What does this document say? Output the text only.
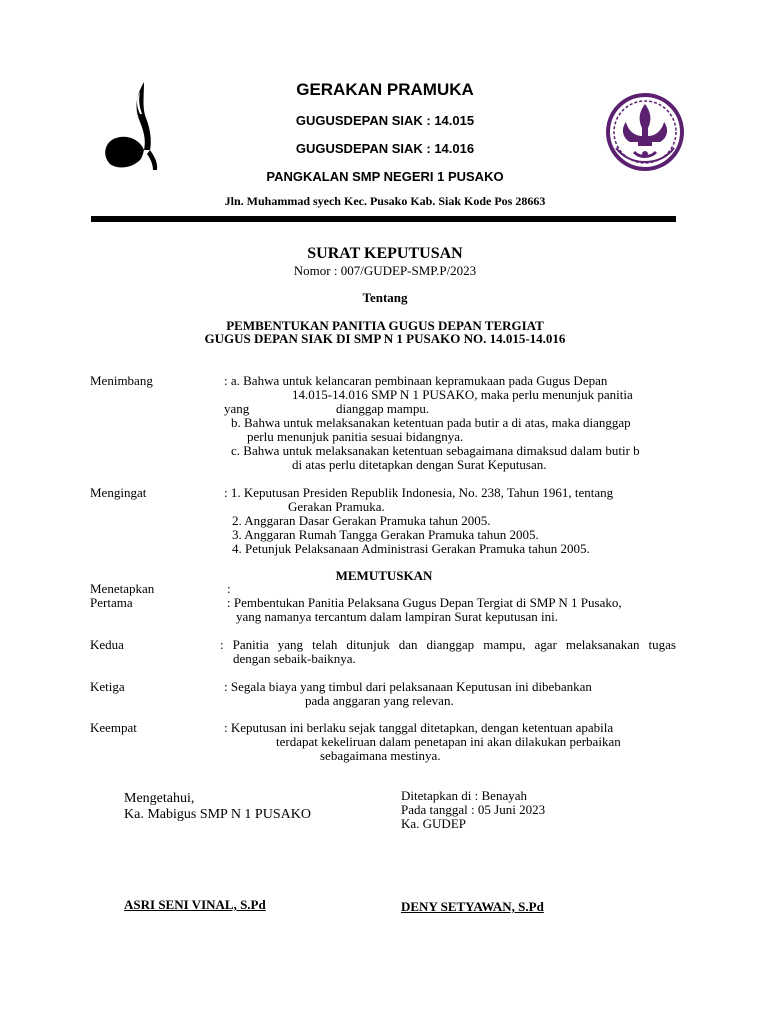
GERAKAN PRAMUKA
GUGUSDEPAN SIAK : 14.015
GUGUSDEPAN SIAK : 14.016
PANGKALAN SMP NEGERI 1 PUSAKO
Jln. Muhammad syech Kec. Pusako Kab. Siak Kode Pos 28663
SURAT KEPUTUSAN
Nomor : 007/GUDEP-SMP.P/2023
Tentang
PEMBENTUKAN PANITIA GUGUS DEPAN TERGIAT
GUGUS DEPAN SIAK DI SMP N 1 PUSAKO NO. 14.015-14.016
Menimbang	: a. Bahwa untuk kelancaran pembinaan kepramukaan pada Gugus Depan
14.015-14.016 SMP N 1 PUSAKO, maka perlu menunjuk panitia
yang	dianggap mampu.
b. Bahwa untuk melaksanakan ketentuan pada butir a di atas, maka dianggap
perlu menunjuk panitia sesuai bidangnya.
c. Bahwa untuk melaksanakan ketentuan sebagaimana dimaksud dalam butir b
di atas perlu ditetapkan dengan Surat Keputusan.
Mengingat	: 1. Keputusan Presiden Republik Indonesia, No. 238, Tahun 1961, tentang
Gerakan Pramuka.
2. Anggaran Dasar Gerakan Pramuka tahun 2005.
3. Anggaran Rumah Tangga Gerakan Pramuka tahun 2005.
4. Petunjuk Pelaksanaan Administrasi Gerakan Pramuka tahun 2005.
MEMUTUSKAN
Menetapkan	:
Pertama	: Pembentukan Panitia Pelaksana Gugus Depan Tergiat di SMP N 1 Pusako,
yang namanya tercantum dalam lampiran Surat keputusan ini.
Kedua	: Panitia yang telah ditunjuk dan dianggap mampu, agar melaksanakan tugas
dengan sebaik-baiknya.
Ketiga	: Segala biaya yang timbul dari pelaksanaan Keputusan ini dibebankan
pada anggaran yang relevan.
Keempat	: Keputusan ini berlaku sejak tanggal ditetapkan, dengan ketentuan apabila
terdapat kekeliruan dalam penetapan ini akan dilakukan perbaikan
sebagaimana mestinya.
Mengetahui,
Ka. Mabigus SMP N 1 PUSAKO
Ditetapkan di : Benayah
Pada tanggal : 05 Juni 2023
Ka. GUDEP
ASRI SENI VINAL, S.Pd	DENY SETYAWAN, S.Pd
